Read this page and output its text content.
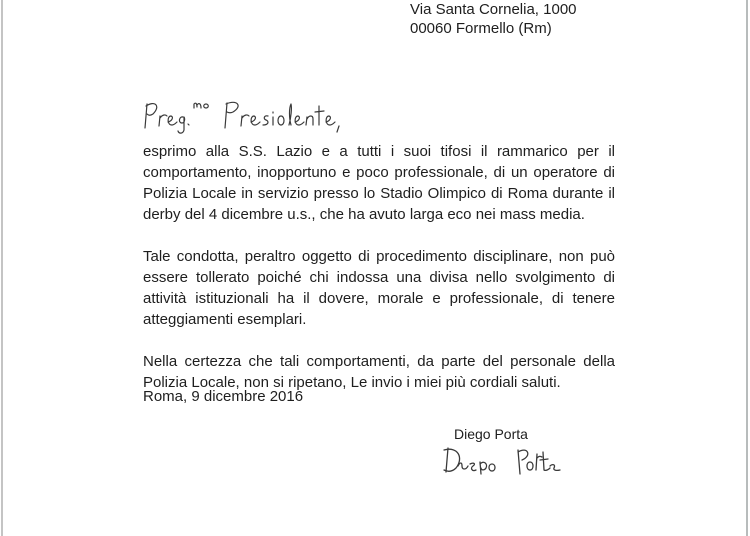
Via Santa Cornelia, 1000
00060 Formello (Rm)

esprimo alla S.S. Lazio e a tutti i suoi tifosi il rammarico per il comportamento, inopportuno e poco professionale, di un operatore di Polizia Locale in servizio presso lo Stadio Olimpico di Roma durante il derby del 4 dicembre u.s., che ha avuto larga eco nei mass media.

Tale condotta, peraltro oggetto di procedimento disciplinare, non può essere tollerato poiché chi indossa una divisa nello svolgimento di attività istituzionali ha il dovere, morale e professionale, di tenere atteggiamenti esemplari.

Nella certezza che tali comportamenti, da parte del personale della Polizia Locale, non si ripetano, Le invio i miei più cordiali saluti.

Roma, 9 dicembre 2016
Diego Porta
